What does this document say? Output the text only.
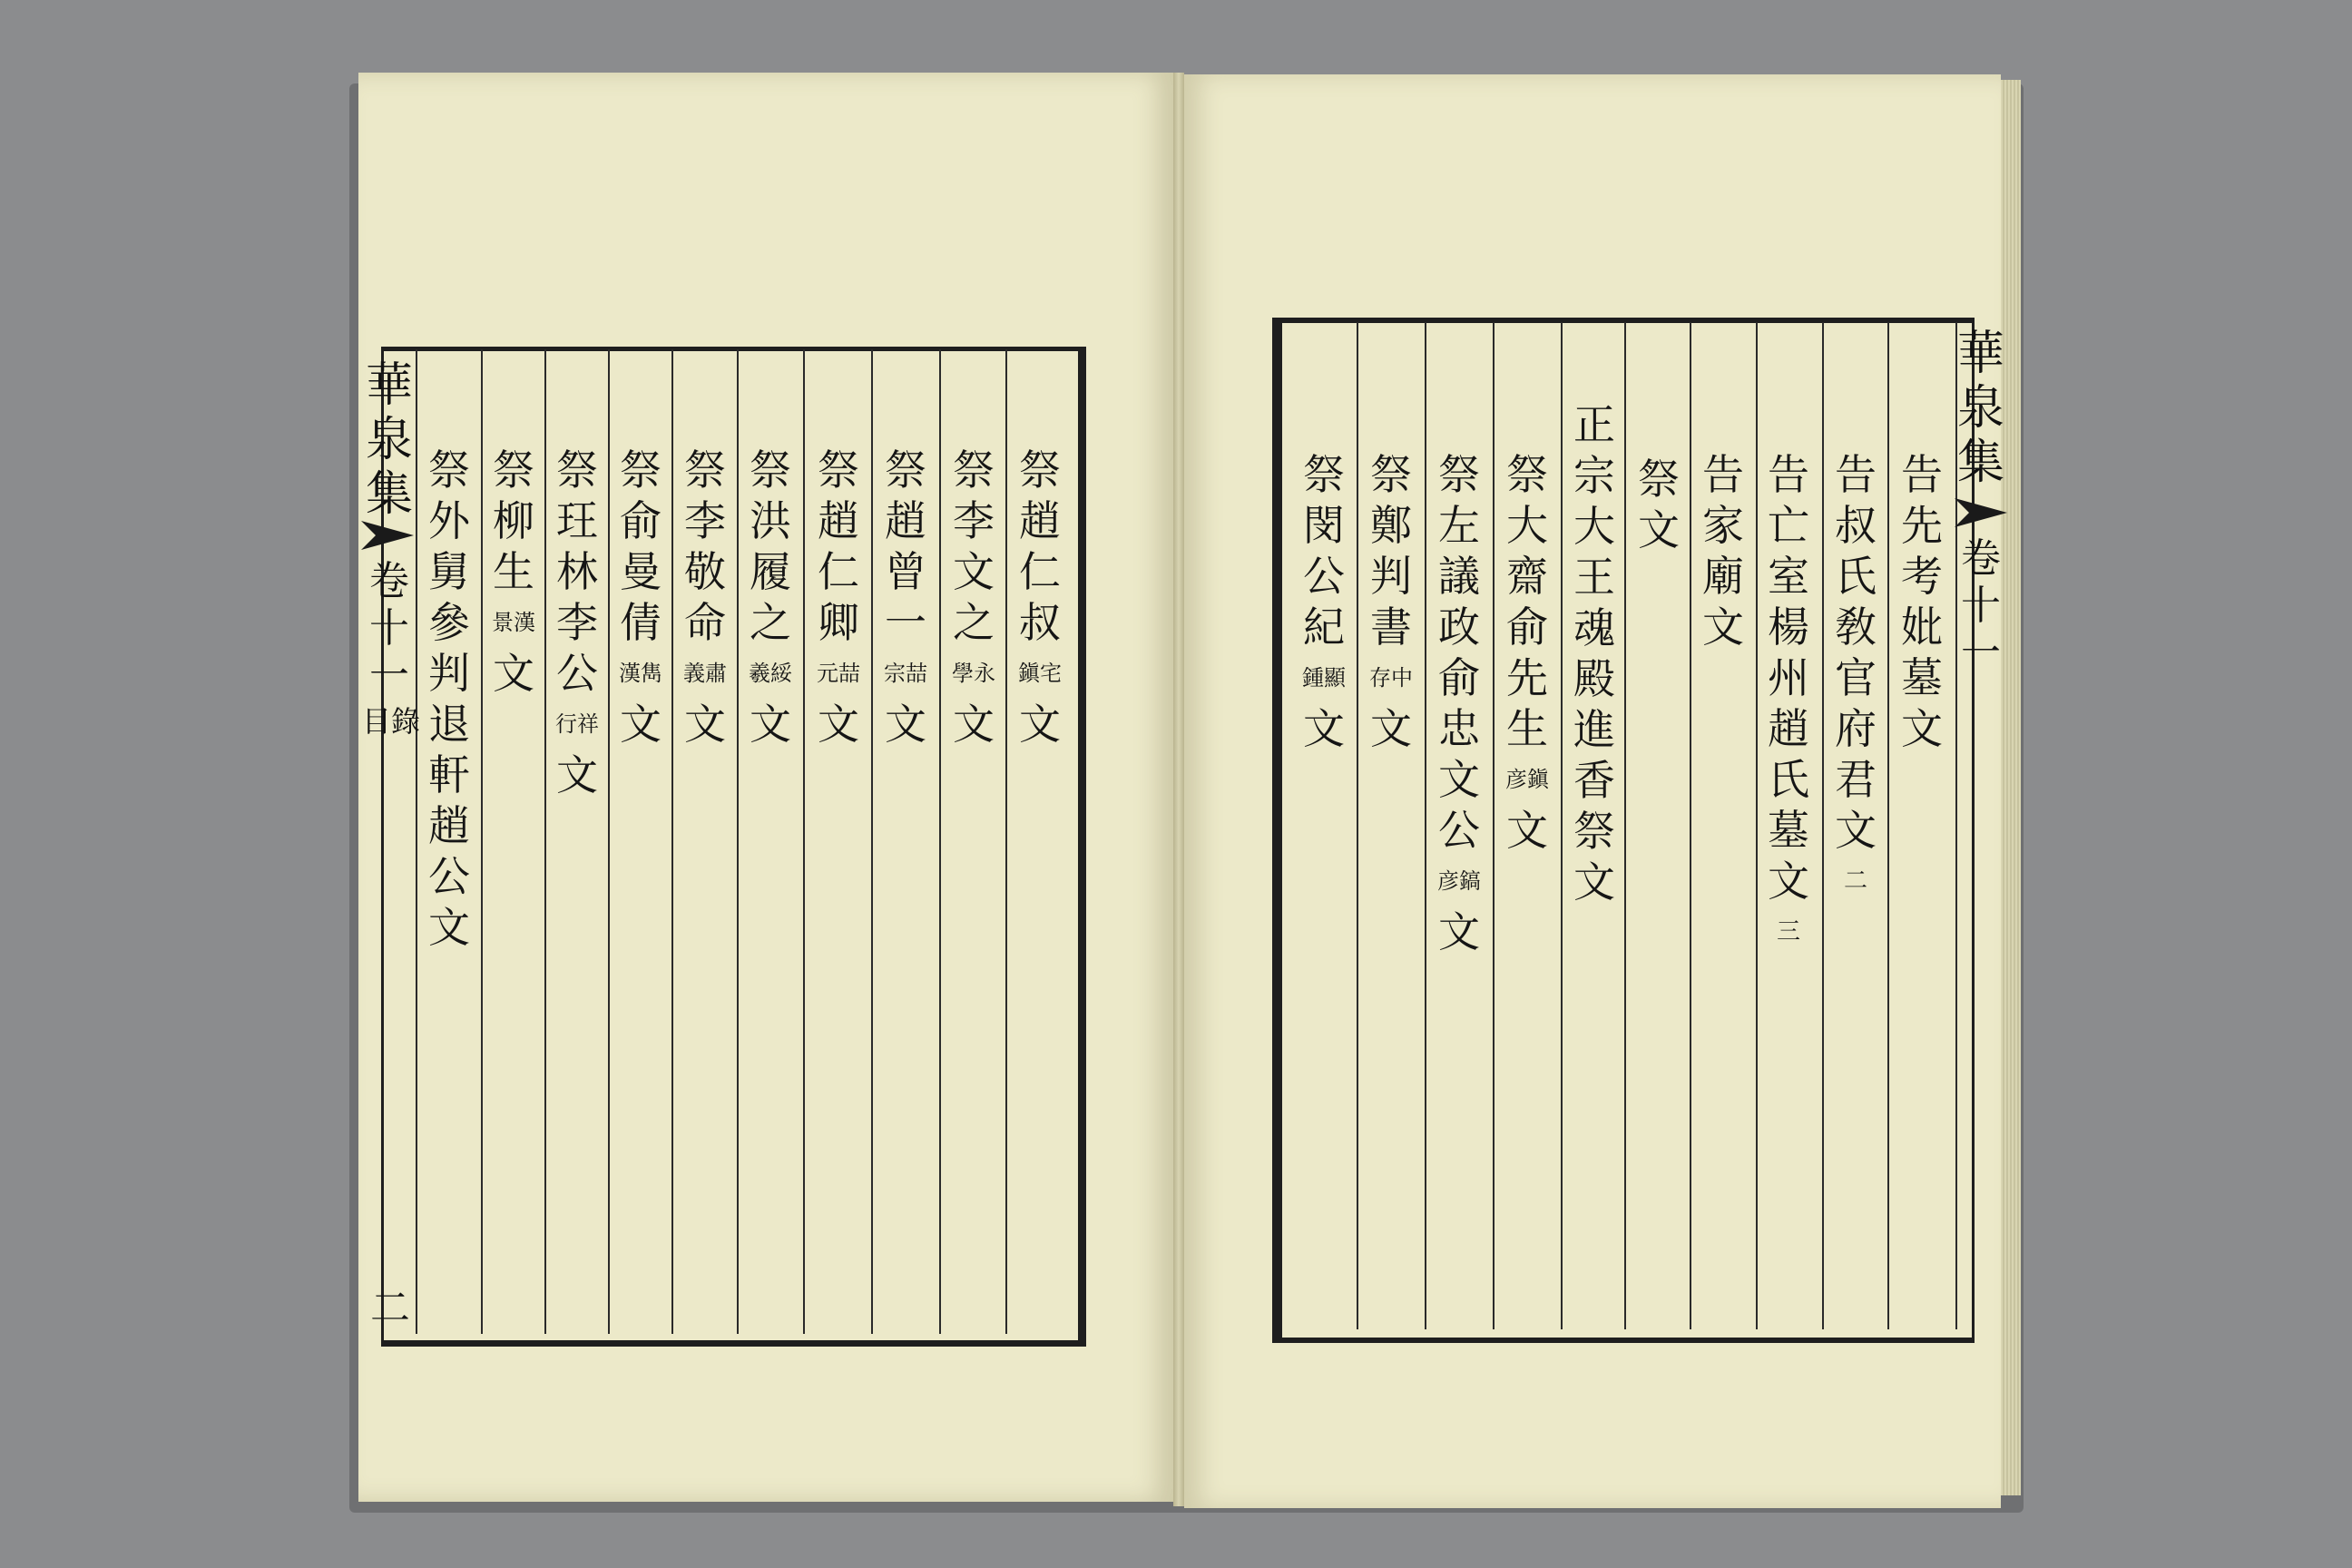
華泉集
卷十一
目錄
二
祭趙仁叔
鎭宅
文
祭李文之
學永
文
祭趙曾一
宗喆
文
祭趙仁卿
元喆
文
祭洪履之
羲綏
文
祭李敬命
義肅
文
祭俞曼倩
漢雋
文
祭玨林李公
行祥
文
祭柳生
景漢
文
祭外舅參判退軒趙公文
華泉集
卷十一
告先考妣墓文
告叔氏敎官府君文
二
告亡室楊州趙氏墓文
三
告家廟文
祭文
正宗大王魂殿進香祭文
祭大齋俞先生
彦鎭
文
祭左議政俞忠文公
彦鎬
文
祭鄭判書
存中
文
祭閔公紀
鍾顯
文
